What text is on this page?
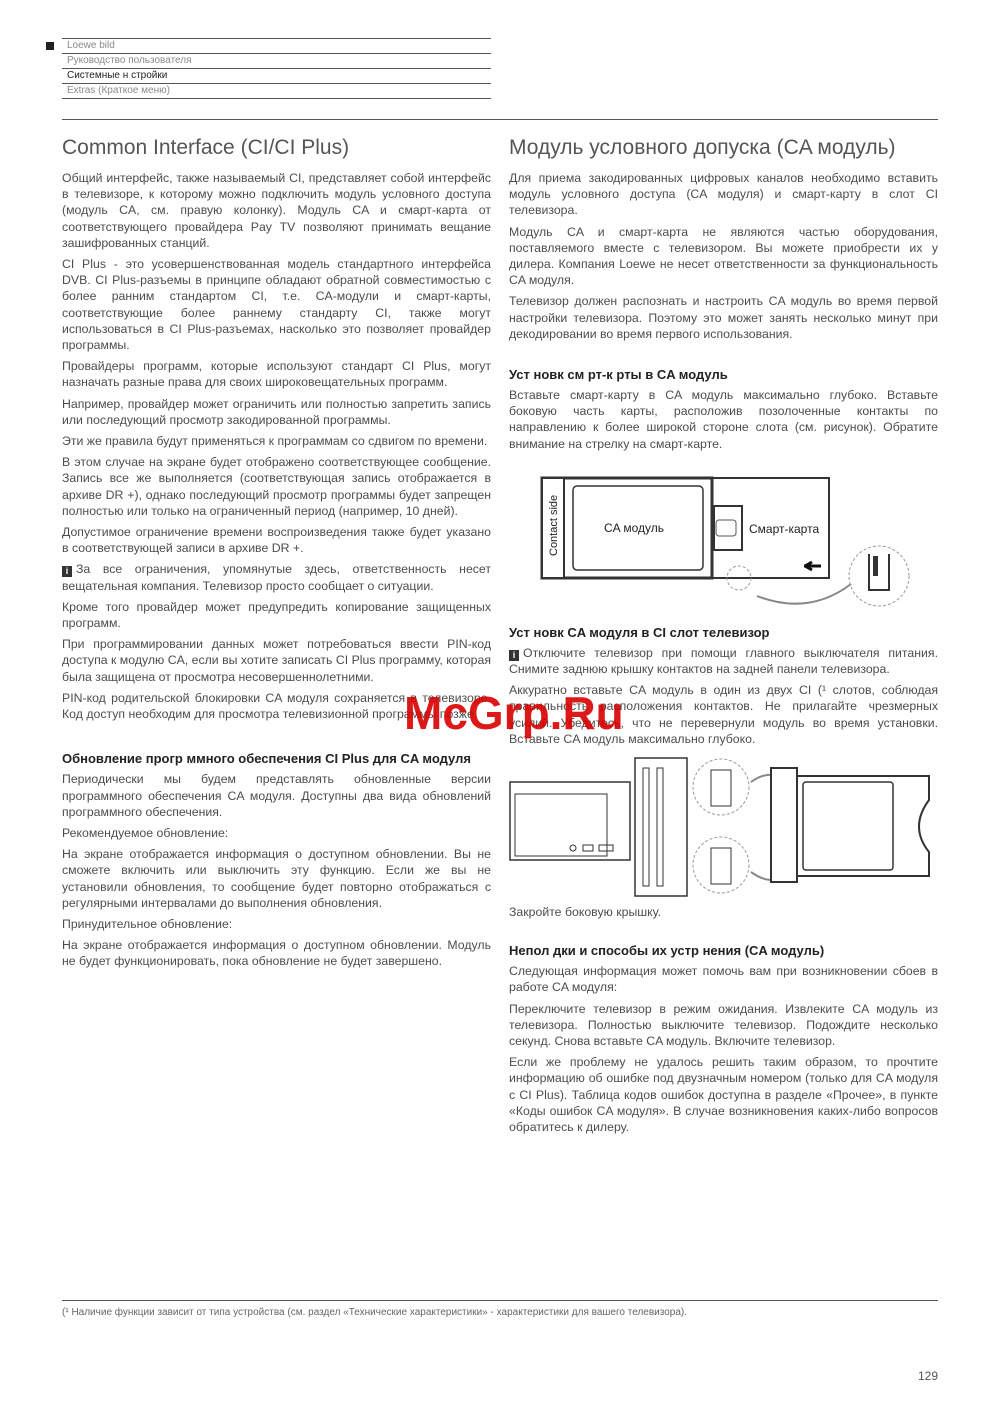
Loewe bild
Руководство пользователя
Системные н стройки
Extras (Краткое меню)
Common Interface (CI/CI Plus)

Общий интерфейс, также называемый CI, представляет собой интерфейс в телевизоре, к которому можно подключить модуль условного доступа (модуль CA, см. правую колонку). Модуль CA и смарт-карта от соответствующего провайдера Pay TV позволяют принимать вещание зашифрованных станций.

CI Plus - это усовершенствованная модель стандартного интерфейса DVB. CI Plus-разъемы в принципе обладают обратной совместимостью с более ранним стандартом CI, т.е. CA-модули и смарт-карты, соответствующие более раннему стандарту CI, также могут использоваться в CI Plus-разъемах, насколько это позволяет провайдер программы.

Провайдеры программ, которые используют стандарт CI Plus, могут назначать разные права для своих широковещательных программ.

Например, провайдер может ограничить или полностью запретить запись или последующий просмотр закодированной программы.

Эти же правила будут применяться к программам со сдвигом по времени.

В этом случае на экране будет отображено соответствующее сообщение. Запись все же выполняется (соответствующая запись отображается в архиве DR +), однако последующий просмотр программы будет запрещен полностью или только на ограниченный период (например, 10 дней).

Допустимое ограничение времени воспроизведения также будет указано в соответствующей записи в архиве DR +.

i За все ограничения, упомянутые здесь, ответственность несет вещательная компания. Телевизор просто сообщает о ситуации.

Кроме того провайдер может предупредить копирование защищенных программ.

При программировании данных может потребоваться ввести PIN-код доступа к модулю CA, если вы хотите записать CI Plus программу, которая была защищена от просмотра несовершеннолетними.

PIN-код родительской блокировки CA модуля сохраняется в телевизоре. Код доступ необходим для просмотра телевизионной программы позже.

Обновление прогр ммного обеспечения CI Plus для CA модуля

Периодически мы будем представлять обновленные версии программного обеспечения CA модуля. Доступны два вида обновлений программного обеспечения.

Рекомендуемое обновление:

На экране отображается информация о доступном обновлении. Вы не сможете включить или выключить эту функцию. Если же вы не установили обновления, то сообщение будет повторно отображаться с регулярными интервалами до выполнения обновления.

Принудительное обновление:

На экране отображается информация о доступном обновлении. Модуль не будет функционировать, пока обновление не будет завершено.

Модуль условного допуска (CA модуль)

Для приема закодированных цифровых каналов необходимо вставить модуль условного доступа (CA модуля) и смарт-карту в слот CI телевизора.

Модуль CA и смарт-карта не являются частью оборудования, поставляемого вместе с телевизором. Вы можете приобрести их у дилера. Компания Loewe не несет ответственности за функциональность CA модуля.

Телевизор должен распознать и настроить CA модуль во время первой настройки телевизора. Поэтому это может занять несколько минут при декодировании во время первого использования.

Уст новк см рт-к рты в CA модуль

Вставьте смарт-карту в CA модуль максимально глубоко. Вставьте боковую часть карты, расположив позолоченные контакты по направлению к более широкой стороне слота (см. рисунок). Обратите внимание на стрелку на смарт-карте.

Contact side	CA модуль	Смарт-карта
Уст новк CA модуля в CI слот телевизор

i Отключите телевизор при помощи главного выключателя питания. Снимите заднюю крышку контактов на задней панели телевизора.

Аккуратно вставьте CA модуль в один из двух CI (¹ слотов, соблюдая правильность расположения контактов. Не прилагайте чрезмерных усилий. Убедитесь, что не перевернули модуль во время установки. Вставьте CA модуль максимально глубоко.

Закройте боковую крышку.

Непол дки и способы их устр нения (CA модуль)

Следующая информация может помочь вам при возникновении сбоев в работе CA модуля:

Переключите телевизор в режим ожидания. Извлеките CA модуль из телевизора. Полностью выключите телевизор. Подождите несколько секунд. Снова вставьте CA модуль. Включите телевизор.

Если же проблему не удалось решить таким образом, то прочтите информацию об ошибке под двузначным номером (только для CA модуля с CI Plus). Таблица кодов ошибок доступна в разделе «Прочее», в пункте «Коды ошибок CA модуля». В случае возникновения каких-либо вопросов обратитесь к дилеру.

McGrp.Ru
(¹ Наличие функции зависит от типа устройства (см. раздел «Технические характеристики» - характеристики для вашего телевизора).
129
